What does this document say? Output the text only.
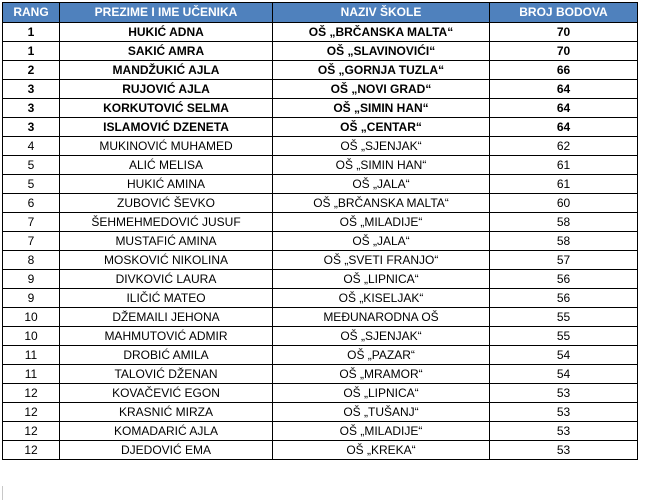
RANG	PREZIME I IME UČENIKA	NAZIV ŠKOLE	BROJ BODOVA
1	HUKIĆ ADNA	OŠ „BRČANSKA MALTA“	70
1	SAKIĆ AMRA	OŠ „SLAVINOVIĆI“	70
2	MANDŽUKIĆ AJLA	OŠ „GORNJA TUZLA“	66
3	RUJOVIĆ AJLA	OŠ „NOVI GRAD“	64
3	KORKUTOVIĆ SELMA	OŠ „SIMIN HAN“	64
3	ISLAMOVIĆ DZENETA	OŠ „CENTAR“	64
4	MUKINOVIĆ MUHAMED	OŠ „SJENJAK“	62
5	ALIĆ MELISA	OŠ „SIMIN HAN“	61
5	HUKIĆ AMINA	OŠ „JALA“	61
6	ZUBOVIĆ ŠEVKO	OŠ „BRČANSKA MALTA“	60
7	ŠEHMEHMEDOVIĆ JUSUF	OŠ „MILADIJE“	58
7	MUSTAFIĆ AMINA	OŠ „JALA“	58
8	MOSKOVIĆ NIKOLINA	OŠ „SVETI FRANJO“	57
9	DIVKOVIĆ LAURA	OŠ „LIPNICA“	56
9	ILIČIĆ MATEO	OŠ „KISELJAK“	56
10	DŽEMAILI JEHONA	MEĐUNARODNA OŠ	55
10	MAHMUTOVIĆ ADMIR	OŠ „SJENJAK“	55
11	DROBIĆ AMILA	OŠ „PAZAR“	54
11	TALOVIĆ DŽENAN	OŠ „MRAMOR“	54
12	KOVAČEVIĆ EGON	OŠ „LIPNICA“	53
12	KRASNIĆ MIRZA	OŠ „TUŠANJ“	53
12	KOMADARIĆ AJLA	OŠ „MILADIJE“	53
12	DJEDOVIĆ EMA	OŠ „KREKA“	53
